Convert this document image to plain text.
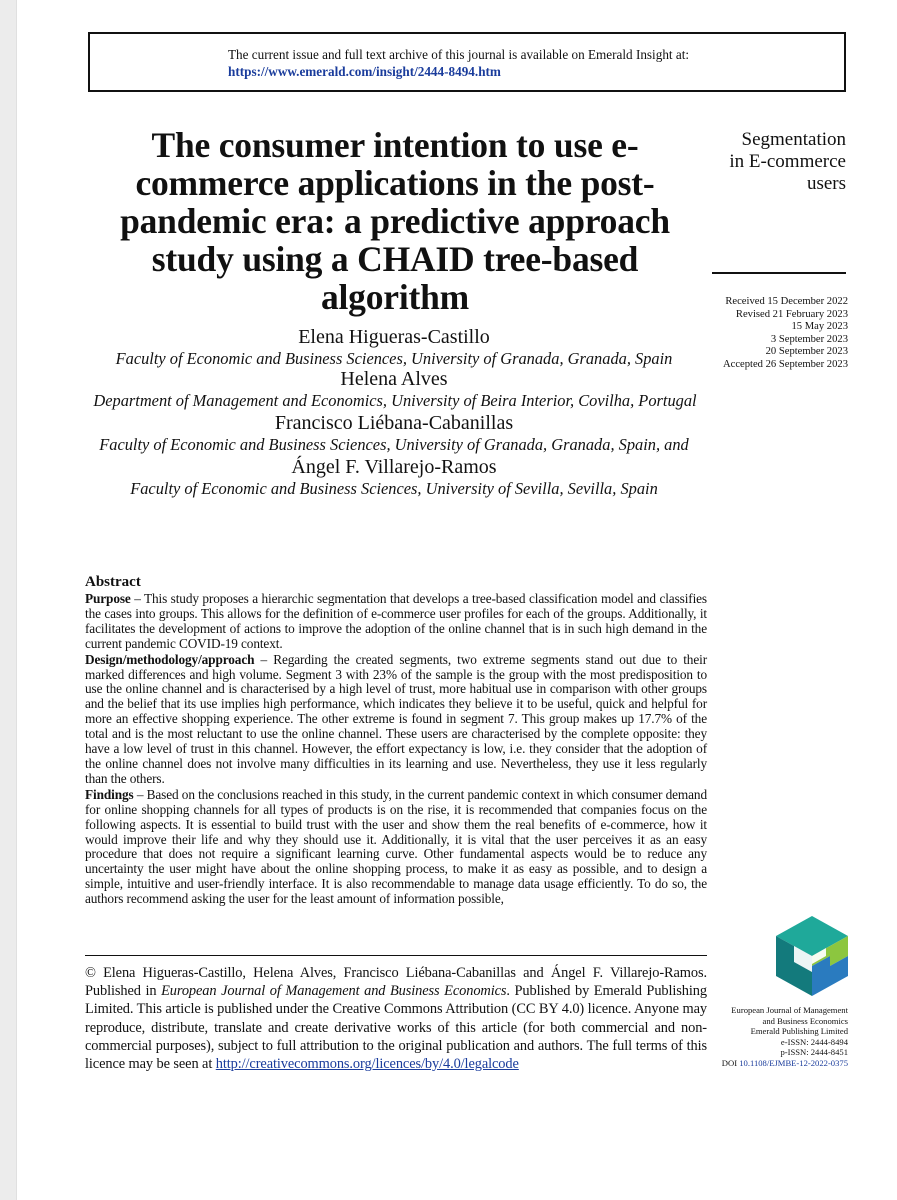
The current issue and full text archive of this journal is available on Emerald Insight at:
https://www.emerald.com/insight/2444-8494.htm
The consumer intention to use e-commerce applications in the post-pandemic era: a predictive approach study using a CHAID tree-based algorithm
Segmentation
in E-commerce
users
Received 15 December 2022
Revised 21 February 2023
15 May 2023
3 September 2023
20 September 2023
Accepted 26 September 2023
Elena Higueras-Castillo
Faculty of Economic and Business Sciences, University of Granada, Granada, Spain
Helena Alves
Department of Management and Economics, University of Beira Interior, Covilha, Portugal
Francisco Liébana-Cabanillas
Faculty of Economic and Business Sciences, University of Granada, Granada, Spain, and
Ángel F. Villarejo-Ramos
Faculty of Economic and Business Sciences, University of Sevilla, Sevilla, Spain
Abstract

Purpose – This study proposes a hierarchic segmentation that develops a tree-based classification model and classifies the cases into groups. This allows for the definition of e-commerce user profiles for each of the groups. Additionally, it facilitates the development of actions to improve the adoption of the online channel that is in such high demand in the current pandemic COVID-19 context.

Design/methodology/approach – Regarding the created segments, two extreme segments stand out due to their marked differences and high volume. Segment 3 with 23% of the sample is the group with the most predisposition to use the online channel and is characterised by a high level of trust, more habitual use in comparison with other groups and the belief that its use implies high performance, which indicates they believe it to be useful, quick and helpful for more an effective shopping experience. The other extreme is found in segment 7. This group makes up 17.7% of the total and is the most reluctant to use the online channel. These users are characterised by the complete opposite: they have a low level of trust in this channel. However, the effort expectancy is low, i.e. they consider that the adoption of the online channel does not involve many difficulties in its learning and use. Nevertheless, they use it less regularly than the others.

Findings – Based on the conclusions reached in this study, in the current pandemic context in which consumer demand for online shopping channels for all types of products is on the rise, it is recommended that companies focus on the following aspects. It is essential to build trust with the user and show them the real benefits of e-commerce, how it would improve their life and why they should use it. Additionally, it is vital that the user perceives it as an easy procedure that does not require a significant learning curve. Other fundamental aspects would be to reduce any uncertainty the user might have about the online shopping process, to make it as easy as possible, and to design a simple, intuitive and user-friendly interface. It is also recommendable to manage data usage efficiently. To do so, the authors recommend asking the user for the least amount of information possible,

© Elena Higueras-Castillo, Helena Alves, Francisco Liébana-Cabanillas and Ángel F. Villarejo-Ramos. Published in European Journal of Management and Business Economics. Published by Emerald Publishing Limited. This article is published under the Creative Commons Attribution (CC BY 4.0) licence. Anyone may reproduce, distribute, translate and create derivative works of this article (for both commercial and non-commercial purposes), subject to full attribution to the original publication and authors. The full terms of this licence may be seen at http://creativecommons.org/licences/by/4.0/legalcode

European Journal of Management
and Business Economics
Emerald Publishing Limited
e-ISSN: 2444-8494
p-ISSN: 2444-8451
DOI 10.1108/EJMBE-12-2022-0375
